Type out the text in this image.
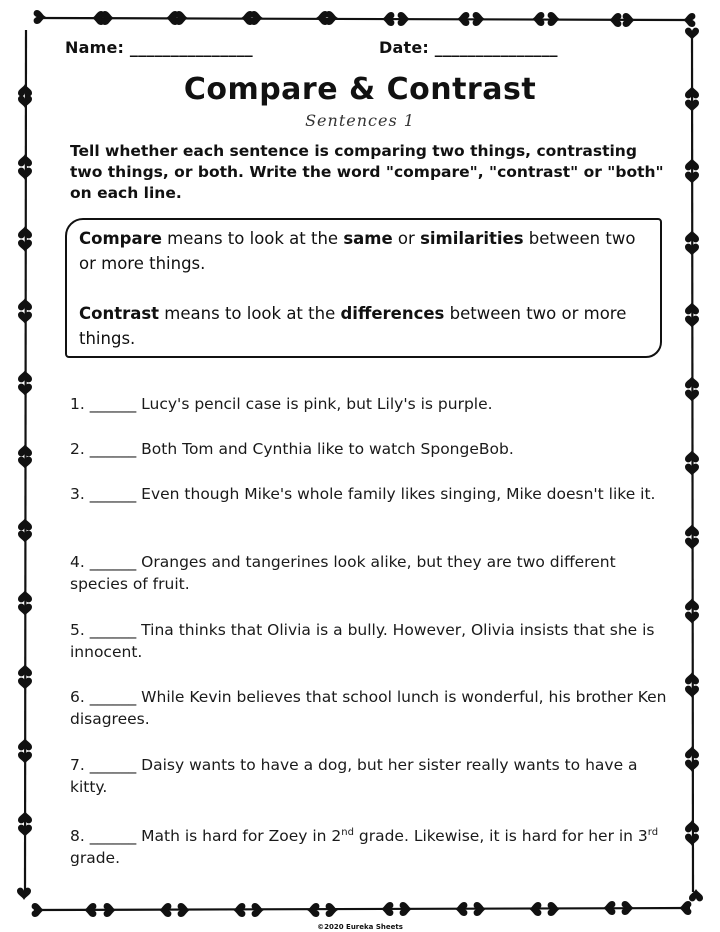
Name: _______________	Date: _______________
Compare & Contrast
Sentences 1
Tell whether each sentence is comparing two things, contrasting two things, or both. Write the word "compare", "contrast" or "both" on each line.

Compare means to look at the same or similarities between two or more things.

Contrast means to look at the differences between two or more things.

1. ______ Lucy's pencil case is pink, but Lily's is purple.
2. ______ Both Tom and Cynthia like to watch SpongeBob.
3. ______ Even though Mike's whole family likes singing, Mike doesn't like it.
4. ______ Oranges and tangerines look alike, but they are two different species of fruit.
5. ______ Tina thinks that Olivia is a bully. However, Olivia insists that she is innocent.
6. ______ While Kevin believes that school lunch is wonderful, his brother Ken disagrees.
7. ______ Daisy wants to have a dog, but her sister really wants to have a kitty.
8. ______ Math is hard for Zoey in 2nd grade. Likewise, it is hard for her in 3rd grade.
©2020 Eureka Sheets
